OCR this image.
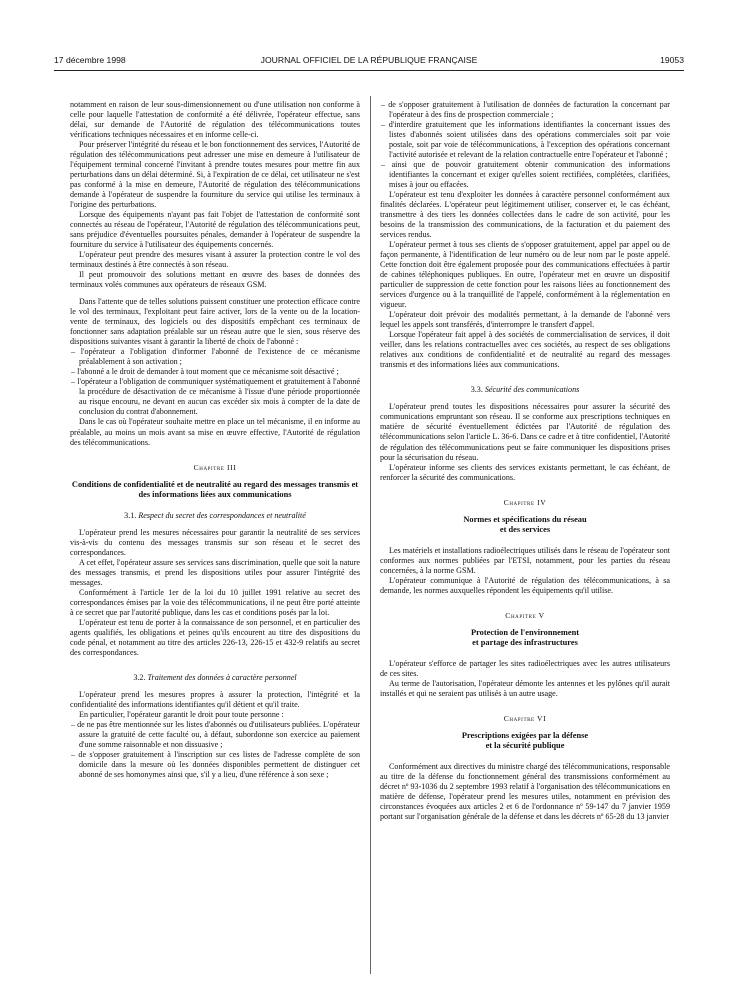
17 décembre 1998	JOURNAL OFFICIEL DE LA RÉPUBLIQUE FRANÇAISE	19053

notamment en raison de leur sous-dimensionnement ou d'une utilisation non conforme à celle pour laquelle l'attestation de conformité a été délivrée, l'opérateur effectue, sans délai, sur demande de l'Autorité de régulation des télécommunications toutes vérifications techniques nécessaires et en informe celle-ci.

Pour préserver l'intégrité du réseau et le bon fonctionnement des services, l'Autorité de régulation des télécommunications peut adresser une mise en demeure à l'utilisateur de l'équipement terminal concerné l'invitant à prendre toutes mesures pour mettre fin aux perturbations dans un délai déterminé. Si, à l'expiration de ce délai, cet utilisateur ne s'est pas conformé à la mise en demeure, l'Autorité de régulation des télécommunications demande à l'opérateur de suspendre la fourniture du service qui utilise les terminaux à l'origine des perturbations.

Lorsque des équipements n'ayant pas fait l'objet de l'attestation de conformité sont connectés au réseau de l'opérateur, l'Autorité de régulation des télécommunications peut, sans préjudice d'éventuelles poursuites pénales, demander à l'opérateur de suspendre la fourniture du service à l'utilisateur des équipements concernés.

L'opérateur peut prendre des mesures visant à assurer la protection contre le vol des terminaux destinés à être connectés à son réseau.

Il peut promouvoir des solutions mettant en œuvre des bases de données des terminaux volés communes aux opérateurs de réseaux GSM.

Dans l'attente que de telles solutions puissent constituer une protection efficace contre le vol des terminaux, l'exploitant peut faire activer, lors de la vente ou de la location-vente de terminaux, des logiciels ou des dispositifs empêchant ces terminaux de fonctionner sans adaptation préalable sur un réseau autre que le sien, sous réserve des dispositions suivantes visant à garantir la liberté de choix de l'abonné :

– l'opérateur a l'obligation d'informer l'abonné de l'existence de ce mécanisme préalablement à son activation ;

– l'abonné a le droit de demander à tout moment que ce mécanisme soit désactivé ;

– l'opérateur a l'obligation de communiquer systématiquement et gratuitement à l'abonné la procédure de désactivation de ce mécanisme à l'issue d'une période proportionnée au risque encouru, ne devant en aucun cas excéder six mois à compter de la date de conclusion du contrat d'abonnement.

Dans le cas où l'opérateur souhaite mettre en place un tel mécanisme, il en informe au préalable, au moins un mois avant sa mise en œuvre effective, l'Autorité de régulation des télécommunications.

Chapitre III

Conditions de confidentialité et de neutralité au regard des messages transmis et des informations liées aux communications

3.1. Respect du secret des correspondances et neutralité

L'opérateur prend les mesures nécessaires pour garantir la neutralité de ses services vis-à-vis du contenu des messages transmis sur son réseau et le secret des correspondances.

A cet effet, l'opérateur assure ses services sans discrimination, quelle que soit la nature des messages transmis, et prend les dispositions utiles pour assurer l'intégrité des messages.

Conformément à l'article 1er de la loi du 10 juillet 1991 relative au secret des correspondances émises par la voie des télécommunications, il ne peut être porté atteinte à ce secret que par l'autorité publique, dans les cas et conditions posés par la loi.

L'opérateur est tenu de porter à la connaissance de son personnel, et en particulier des agents qualifiés, les obligations et peines qu'ils encourent au titre des dispositions du code pénal, et notamment au titre des articles 226-13, 226-15 et 432-9 relatifs au secret des correspondances.

3.2. Traitement des données à caractère personnel

L'opérateur prend les mesures propres à assurer la protection, l'intégrité et la confidentialité des informations identifiantes qu'il détient et qu'il traite.

En particulier, l'opérateur garantit le droit pour toute personne :

– de ne pas être mentionnée sur les listes d'abonnés ou d'utilisateurs publiées. L'opérateur assure la gratuité de cette faculté ou, à défaut, subordonne son exercice au paiement d'une somme raisonnable et non dissuasive ;

– de s'opposer gratuitement à l'inscription sur ces listes de l'adresse complète de son domicile dans la mesure où les données disponibles permettent de distinguer cet abonné de ses homonymes ainsi que, s'il y a lieu, d'une référence à son sexe ;

– de s'opposer gratuitement à l'utilisation de données de facturation la concernant par l'opérateur à des fins de prospection commerciale ;

– d'interdire gratuitement que les informations identifiantes la concernant issues des listes d'abonnés soient utilisées dans des opérations commerciales soit par voie postale, soit par voie de télécommunications, à l'exception des opérations concernant l'activité autorisée et relevant de la relation contractuelle entre l'opérateur et l'abonné ;

– ainsi que de pouvoir gratuitement obtenir communication des informations identifiantes la concernant et exiger qu'elles soient rectifiées, complétées, clarifiées, mises à jour ou effacées.

L'opérateur est tenu d'exploiter les données à caractère personnel conformément aux finalités déclarées. L'opérateur peut légitimement utiliser, conserver et, le cas échéant, transmettre à des tiers les données collectées dans le cadre de son activité, pour les besoins de la transmission des communications, de la facturation et du paiement des services rendus.

L'opérateur permet à tous ses clients de s'opposer gratuitement, appel par appel ou de façon permanente, à l'identification de leur numéro ou de leur nom par le poste appelé. Cette fonction doit être également proposée pour des communications effectuées à partir de cabines téléphoniques publiques. En outre, l'opérateur met en œuvre un dispositif particulier de suppression de cette fonction pour les raisons liées au fonctionnement des services d'urgence ou à la tranquillité de l'appelé, conformément à la réglementation en vigueur.

L'opérateur doit prévoir des modalités permettant, à la demande de l'abonné vers lequel les appels sont transférés, d'interrompre le transfert d'appel.

Lorsque l'opérateur fait appel à des sociétés de commercialisation de services, il doit veiller, dans les relations contractuelles avec ces sociétés, au respect de ses obligations relatives aux conditions de confidentialité et de neutralité au regard des messages transmis et des informations liées aux communications.

3.3. Sécurité des communications

L'opérateur prend toutes les dispositions nécessaires pour assurer la sécurité des communications empruntant son réseau. Il se conforme aux prescriptions techniques en matière de sécurité éventuellement édictées par l'Autorité de régulation des télécommunications selon l'article L. 36-6. Dans ce cadre et à titre confidentiel, l'Autorité de régulation des télécommunications peut se faire communiquer les dispositions prises pour la sécurisation du réseau.

L'opérateur informe ses clients des services existants permettant, le cas échéant, de renforcer la sécurité des communications.

Chapitre IV

Normes et spécifications du réseau

et des services

Les matériels et installations radioélectriques utilisés dans le réseau de l'opérateur sont conformes aux normes publiées par l'ETSI, notamment, pour les parties du réseau concernées, à la norme GSM.

L'opérateur communique à l'Autorité de régulation des télécommunications, à sa demande, les normes auxquelles répondent les équipements qu'il utilise.

Chapitre V

Protection de l'environnement

et partage des infrastructures

L'opérateur s'efforce de partager les sites radioélectriques avec les autres utilisateurs de ces sites.

Au terme de l'autorisation, l'opérateur démonte les antennes et les pylônes qu'il aurait installés et qui ne seraient pas utilisés à un autre usage.

Chapitre VI

Prescriptions exigées par la défense

et la sécurité publique

Conformément aux directives du ministre chargé des télécommunications, responsable au titre de la défense du fonctionnement général des transmissions conformément au décret nº 93-1036 du 2 septembre 1993 relatif à l'organisation des télécommunications en matière de défense, l'opérateur prend les mesures utiles, notamment en prévision des circonstances évoquées aux articles 2 et 6 de l'ordonnance nº 59-147 du 7 janvier 1959 portant sur l'organisation générale de la défense et dans les décrets nº 65-28 du 13 janvier
